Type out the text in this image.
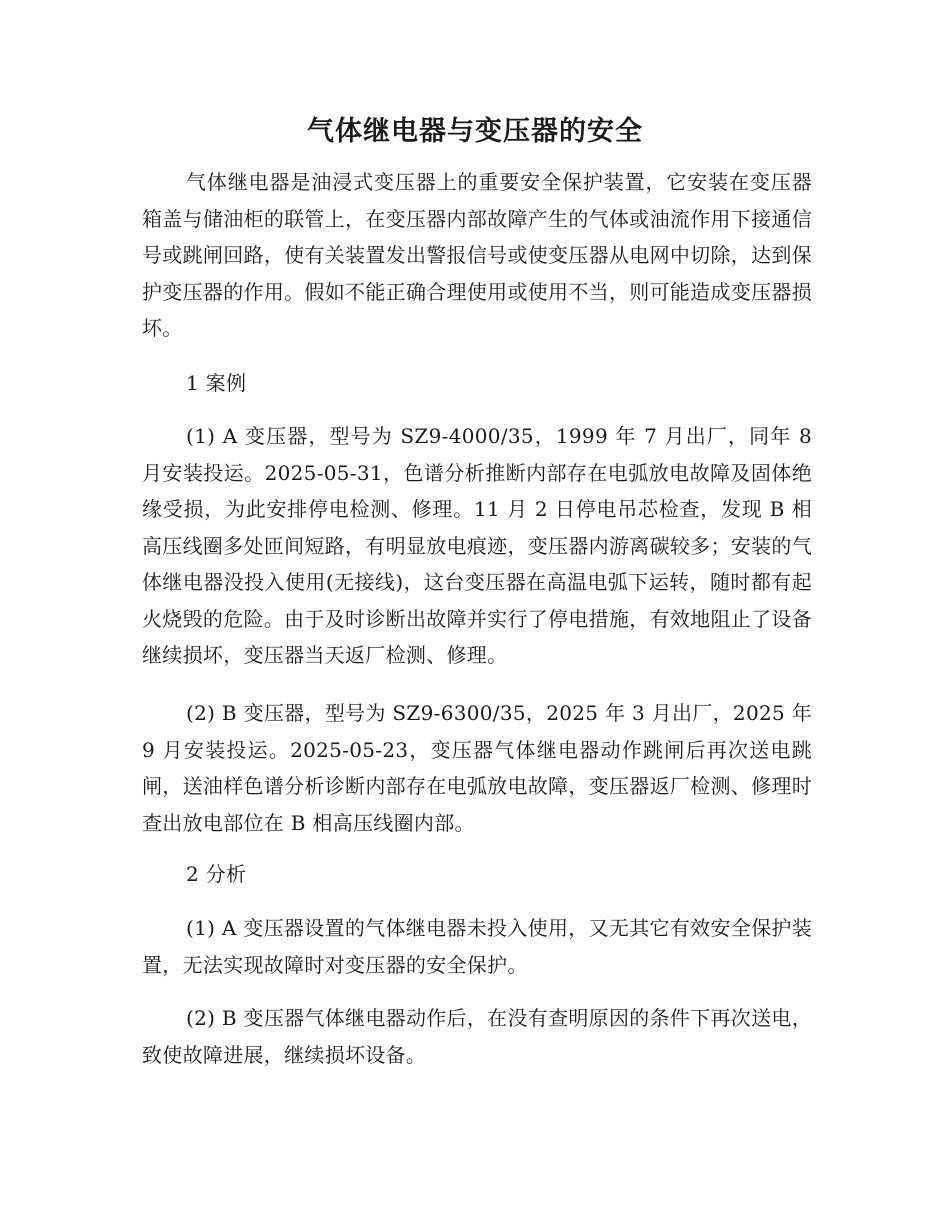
气体继电器与变压器的安全

气体继电器是油浸式变压器上的重要安全保护装置，它安装在变压器箱盖与储油柜的联管上，在变压器内部故障产生的气体或油流作用下接通信号或跳闸回路，使有关装置发出警报信号或使变压器从电网中切除，达到保护变压器的作用。假如不能正确合理使用或使用不当，则可能造成变压器损坏。

1 案例

(1) A 变压器，型号为 SZ9-4000/35，1999 年 7 月出厂，同年 8 月安装投运。2025-05-31，色谱分析推断内部存在电弧放电故障及固体绝缘受损，为此安排停电检测、修理。11 月 2 日停电吊芯检查，发现 B 相高压线圈多处匝间短路，有明显放电痕迹，变压器内游离碳较多；安装的气体继电器没投入使用(无接线)，这台变压器在高温电弧下运转，随时都有起火烧毁的危险。由于及时诊断出故障并实行了停电措施，有效地阻止了设备继续损坏，变压器当天返厂检测、修理。

(2) B 变压器，型号为 SZ9-6300/35，2025 年 3 月出厂，2025 年 9 月安装投运。2025-05-23，变压器气体继电器动作跳闸后再次送电跳闸，送油样色谱分析诊断内部存在电弧放电故障，变压器返厂检测、修理时查出放电部位在 B 相高压线圈内部。

2 分析

(1) A 变压器设置的气体继电器未投入使用，又无其它有效安全保护装置，无法实现故障时对变压器的安全保护。

(2) B 变压器气体继电器动作后，在没有查明原因的条件下再次送电，致使故障进展，继续损坏设备。
